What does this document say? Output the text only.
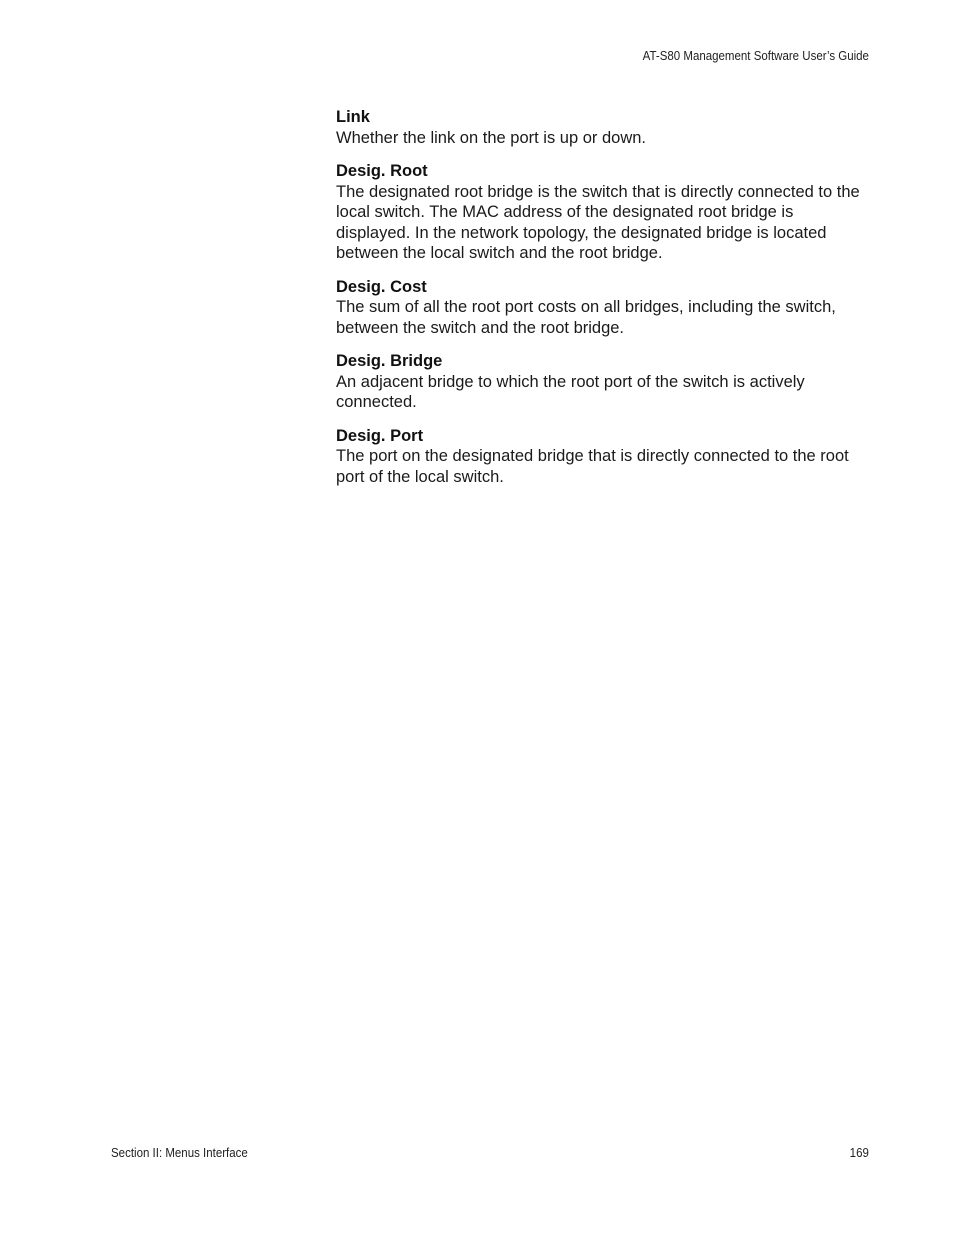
AT-S80 Management Software User’s Guide
Link
Whether the link on the port is up or down.
Desig. Root
The designated root bridge is the switch that is directly connected to the local switch. The MAC address of the designated root bridge is displayed. In the network topology, the designated bridge is located between the local switch and the root bridge.
Desig. Cost
The sum of all the root port costs on all bridges, including the switch, between the switch and the root bridge.
Desig. Bridge
An adjacent bridge to which the root port of the switch is actively connected.
Desig. Port
The port on the designated bridge that is directly connected to the root port of the local switch.
Section II: Menus Interface	169
